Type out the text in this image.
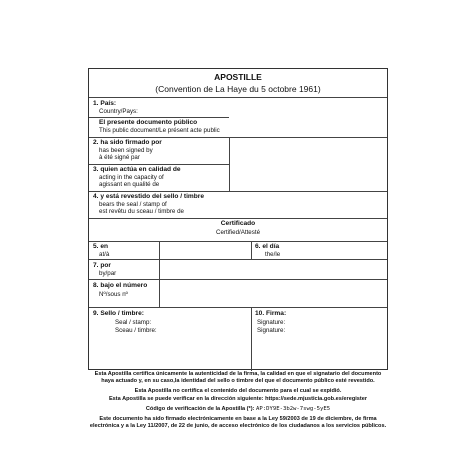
APOSTILLE
(Convention de La Haye du 5 octobre 1961)
1. País:
Country/Pays:
El presente documento público
This public document/Le présent acte public
2. ha sido firmado por
has been signed by
à été signé par
3. quien actúa en calidad de
acting in the capacity of
agissant en qualité de
4. y está revestido del sello / timbre
bears the seal / stamp of
est revêtu du sceau / timbre de
Certificado
Certified/Attesté
5. en
at/à
6. el día
the/le
7. por
by/par
8. bajo el número
Nº/sous nº
9. Sello / timbre:
Seal / stamp:
Sceau / timbre:
10. Firma:
Signature:
Signature:
Esta Apostilla certifica únicamente la autenticidad de la firma, la calidad en que el signatario del documento
haya actuado y, en su caso,la identidad del sello o timbre del que el documento público esté revestido.
Esta Apostilla no certifica el contenido del documento para el cual se expidió.
Esta Apostilla se puede verificar en la dirección siguiente: https://sede.mjusticia.gob.es/eregister
Código de verificación de la Apostilla (*): AP:DY9E-3b2w-7swg-5yE5
Este documento ha sido firmado electrónicamente en base a la Ley 59/2003 de 19 de diciembre, de firma
electrónica y a la Ley 11/2007, de 22 de junio, de acceso electrónico de los ciudadanos a los servicios públicos.
